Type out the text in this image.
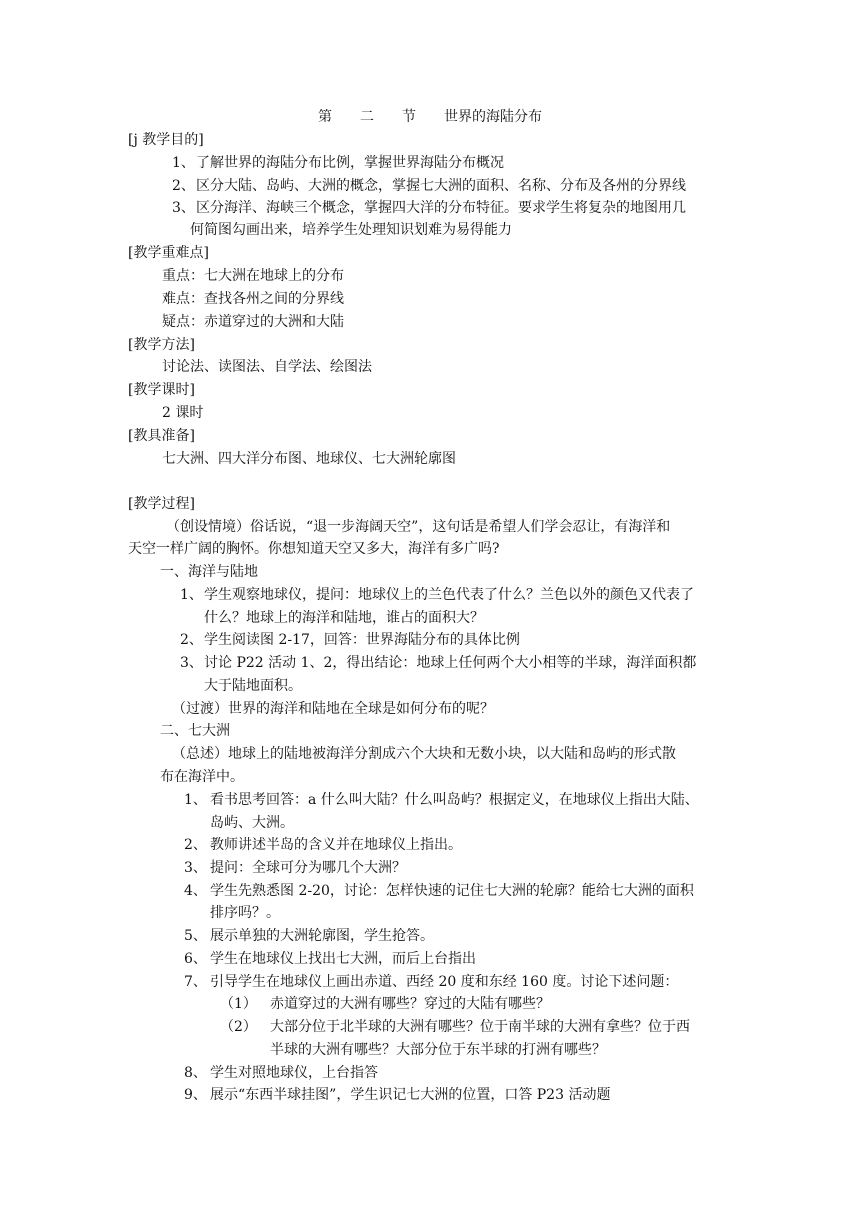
第 二 节 世界的海陆分布
[j 教学目的]
1、 了解世界的海陆分布比例，掌握世界海陆分布概况
2、 区分大陆、岛屿、大洲的概念，掌握七大洲的面积、名称、分布及各州的分界线
3、 区分海洋、海峡三个概念，掌握四大洋的分布特征。要求学生将复杂的地图用几
何简图勾画出来，培养学生处理知识划难为易得能力
[教学重难点]
重点：七大洲在地球上的分布
难点：查找各州之间的分界线
疑点：赤道穿过的大洲和大陆
[教学方法]
讨论法、读图法、自学法、绘图法
[教学课时]
2 课时
[教具准备]
七大洲、四大洋分布图、地球仪、七大洲轮廓图
[教学过程]
（创设情境）俗话说，“退一步海阔天空”，这句话是希望人们学会忍让，有海洋和
天空一样广阔的胸怀。你想知道天空又多大，海洋有多广吗?
一、海洋与陆地
1、 学生观察地球仪，提问：地球仪上的兰色代表了什么？兰色以外的颜色又代表了
什么？地球上的海洋和陆地，谁占的面积大？
2、 学生阅读图 2-17，回答：世界海陆分布的具体比例
3、 讨论 P22 活动 1、2，得出结论：地球上任何两个大小相等的半球，海洋面积都
大于陆地面积。
（过渡）世界的海洋和陆地在全球是如何分布的呢？
二、七大洲
（总述）地球上的陆地被海洋分割成六个大块和无数小块，以大陆和岛屿的形式散
布在海洋中。
1、 看书思考回答：a 什么叫大陆？什么叫岛屿？根据定义，在地球仪上指出大陆、
岛屿、大洲。
2、 教师讲述半岛的含义并在地球仪上指出。
3、 提问：全球可分为哪几个大洲？
4、 学生先熟悉图 2-20，讨论：怎样快速的记住七大洲的轮廓？能给七大洲的面积
排序吗？。
5、 展示单独的大洲轮廓图，学生抢答。
6、 学生在地球仪上找出七大洲，而后上台指出
7、 引导学生在地球仪上画出赤道、西经 20 度和东经 160 度。讨论下述问题：
（1） 赤道穿过的大洲有哪些？穿过的大陆有哪些？
（2） 大部分位于北半球的大洲有哪些？位于南半球的大洲有拿些？位于西
半球的大洲有哪些？大部分位于东半球的打洲有哪些？
8、 学生对照地球仪，上台指答
9、 展示“东西半球挂图”，学生识记七大洲的位置，口答 P23 活动题
